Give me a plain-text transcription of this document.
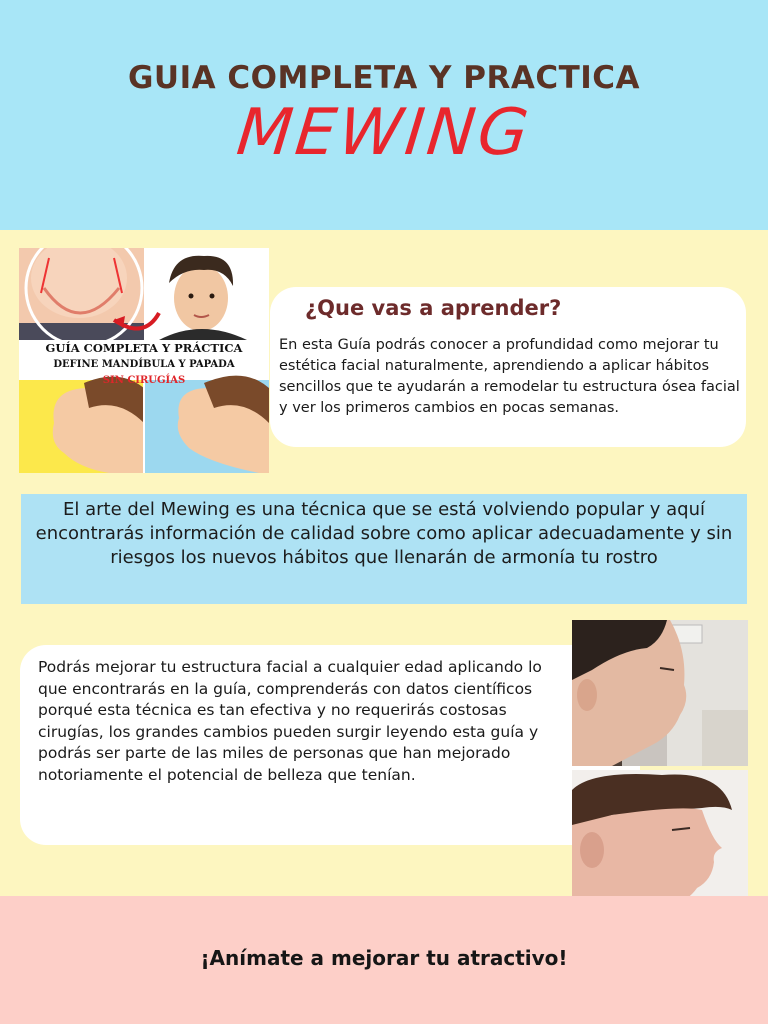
GUIA COMPLETA Y PRACTICA
MEWING
GUÍA COMPLETA Y PRÁCTICA
DEFINE MANDÍBULA Y PAPADA
SIN CIRUGÍAS
¿Que vas a aprender?
En esta Guía podrás conocer a profundidad como mejorar tu estética facial naturalmente, aprendiendo a aplicar hábitos sencillos que te ayudarán a remodelar tu estructura ósea facial y ver los primeros cambios en pocas semanas.
El arte del Mewing es una técnica que se está volviendo popular y aquí encontrarás información de calidad sobre como aplicar adecuadamente y sin riesgos los nuevos hábitos que llenarán de armonía tu rostro
Podrás mejorar tu estructura facial a cualquier edad aplicando lo que encontrarás en la guía, comprenderás con datos científicos porqué esta técnica es tan efectiva y no requerirás costosas cirugías, los grandes cambios pueden surgir leyendo esta guía y podrás ser parte de las miles de personas que han mejorado notoriamente el potencial de belleza que tenían.
¡Anímate a mejorar tu atractivo!
